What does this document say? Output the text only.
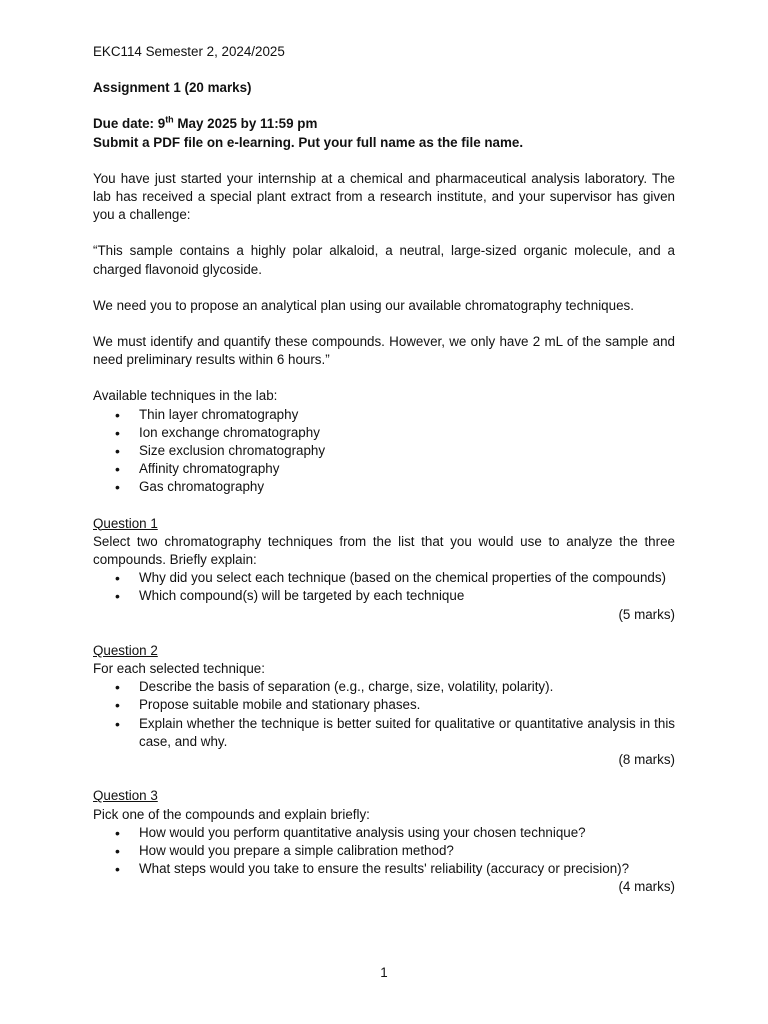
EKC114 Semester 2, 2024/2025

Assignment 1 (20 marks)

Due date: 9th May 2025 by 11:59 pm

Submit a PDF file on e-learning. Put your full name as the file name.

You have just started your internship at a chemical and pharmaceutical analysis laboratory. The lab has received a special plant extract from a research institute, and your supervisor has given you a challenge:

“This sample contains a highly polar alkaloid, a neutral, large-sized organic molecule, and a charged flavonoid glycoside.

We need you to propose an analytical plan using our available chromatography techniques.

We must identify and quantify these compounds. However, we only have 2 mL of the sample and need preliminary results within 6 hours.”

Available techniques in the lab:

• Thin layer chromatography
• Ion exchange chromatography
• Size exclusion chromatography
• Affinity chromatography
• Gas chromatography

Question 1

Select two chromatography techniques from the list that you would use to analyze the three compounds. Briefly explain:

• Why did you select each technique (based on the chemical properties of the compounds)
• Which compound(s) will be targeted by each technique

(5 marks)

Question 2

For each selected technique:

• Describe the basis of separation (e.g., charge, size, volatility, polarity).
• Propose suitable mobile and stationary phases.
• Explain whether the technique is better suited for qualitative or quantitative analysis in this case, and why.

(8 marks)

Question 3

Pick one of the compounds and explain briefly:

• How would you perform quantitative analysis using your chosen technique?
• How would you prepare a simple calibration method?
• What steps would you take to ensure the results' reliability (accuracy or precision)?

(4 marks)

1
